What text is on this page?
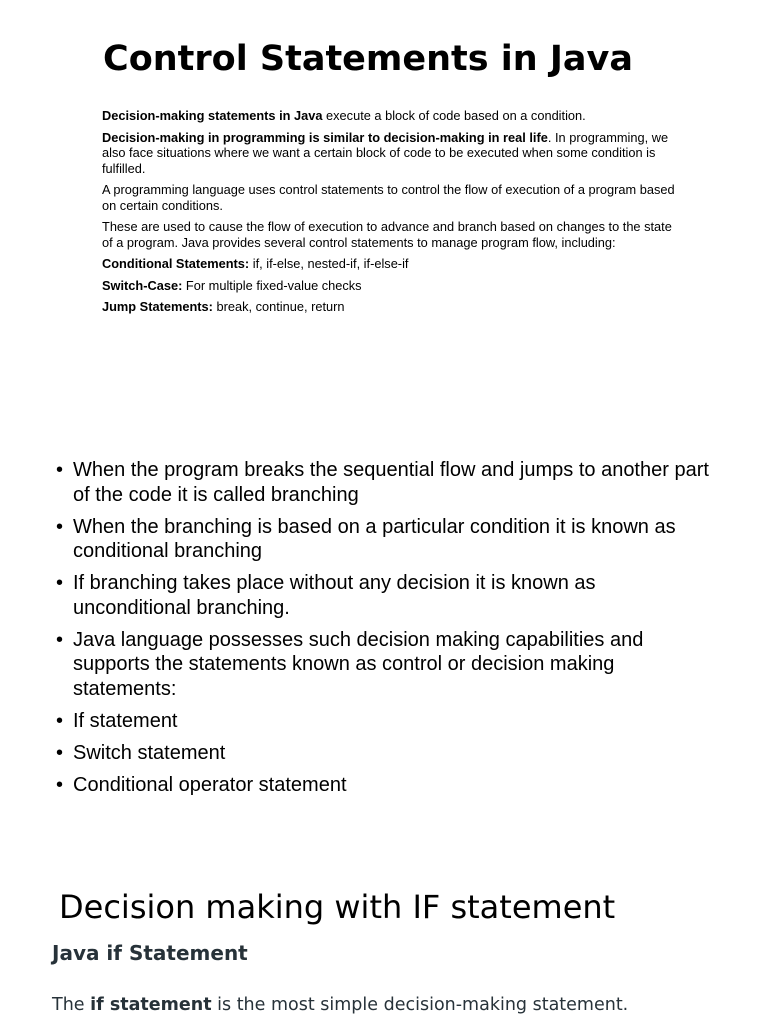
Control Statements in Java

Decision-making statements in Java execute a block of code based on a condition.

Decision-making in programming is similar to decision-making in real life. In programming, we also face situations where we want a certain block of code to be executed when some condition is fulfilled.

A programming language uses control statements to control the flow of execution of a program based on certain conditions.

These are used to cause the flow of execution to advance and branch based on changes to the state of a program. Java provides several control statements to manage program flow, including:

Conditional Statements: if, if-else, nested-if, if-else-if

Switch-Case: For multiple fixed-value checks

Jump Statements: break, continue, return

• When the program breaks the sequential flow and jumps to another part of the code it is called branching
• When the branching is based on a particular condition it is known as conditional branching
• If branching takes place without any decision it is known as unconditional branching.
• Java language possesses such decision making capabilities and supports the statements known as control or decision making statements:
• If statement
• Switch statement
• Conditional operator statement
Decision making with IF statement
Java if Statement

The if statement is the most simple decision-making statement.
